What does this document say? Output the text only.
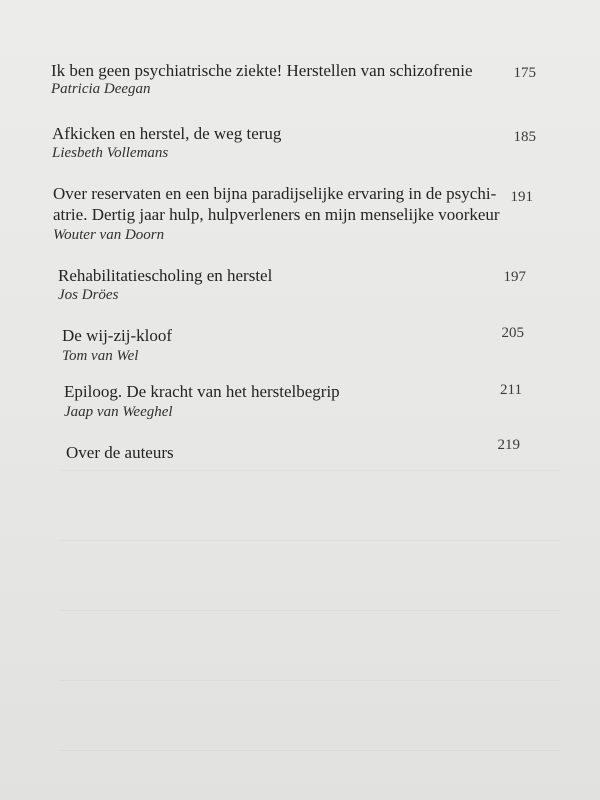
Ik ben geen psychiatrische ziekte! Herstellen van schizofrenie
Patricia Deegan
175
Afkicken en herstel, de weg terug
Liesbeth Vollemans
185
Over reservaten en een bijna paradijselijke ervaring in de psychi-
atrie. Dertig jaar hulp, hulpverleners en mijn menselijke voorkeur
Wouter van Doorn
191
Rehabilitatiescholing en herstel
Jos Dröes
197
De wij-zij-kloof
Tom van Wel
205
Epiloog. De kracht van het herstelbegrip
Jaap van Weeghel
211
Over de auteurs	219
